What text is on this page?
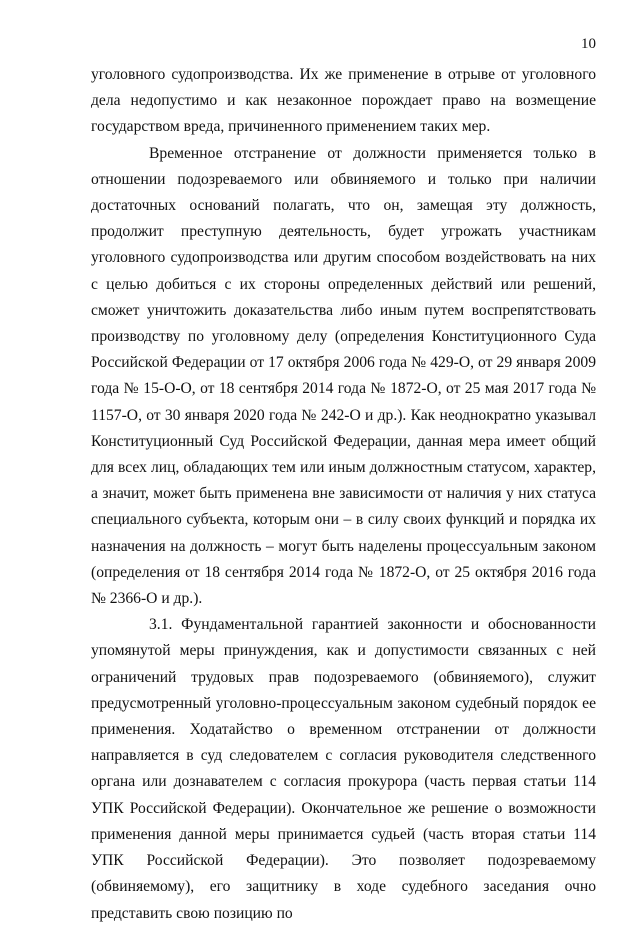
10

уголовного судопроизводства. Их же применение в отрыве от уголовного дела недопустимо и как незаконное порождает право на возмещение государством вреда, причиненного применением таких мер.

Временное отстранение от должности применяется только в отношении подозреваемого или обвиняемого и только при наличии достаточных оснований полагать, что он, замещая эту должность, продолжит преступную деятельность, будет угрожать участникам уголовного судопроизводства или другим способом воздействовать на них с целью добиться с их стороны определенных действий или решений, сможет уничтожить доказательства либо иным путем воспрепятствовать производству по уголовному делу (определения Конституционного Суда Российской Федерации от 17 октября 2006 года № 429-О, от 29 января 2009 года № 15-О-О, от 18 сентября 2014 года № 1872-О, от 25 мая 2017 года № 1157-О, от 30 января 2020 года № 242-О и др.). Как неоднократно указывал Конституционный Суд Российской Федерации, данная мера имеет общий для всех лиц, обладающих тем или иным должностным статусом, характер, а значит, может быть применена вне зависимости от наличия у них статуса специального субъекта, которым они – в силу своих функций и порядка их назначения на должность – могут быть наделены процессуальным законом (определения от 18 сентября 2014 года № 1872-О, от 25 октября 2016 года № 2366-О и др.).

3.1. Фундаментальной гарантией законности и обоснованности упомянутой меры принуждения, как и допустимости связанных с ней ограничений трудовых прав подозреваемого (обвиняемого), служит предусмотренный уголовно-процессуальным законом судебный порядок ее применения. Ходатайство о временном отстранении от должности направляется в суд следователем с согласия руководителя следственного органа или дознавателем с согласия прокурора (часть первая статьи 114 УПК Российской Федерации). Окончательное же решение о возможности применения данной меры принимается судьей (часть вторая статьи 114 УПК Российской Федерации). Это позволяет подозреваемому (обвиняемому), его защитнику в ходе судебного заседания очно представить свою позицию по
